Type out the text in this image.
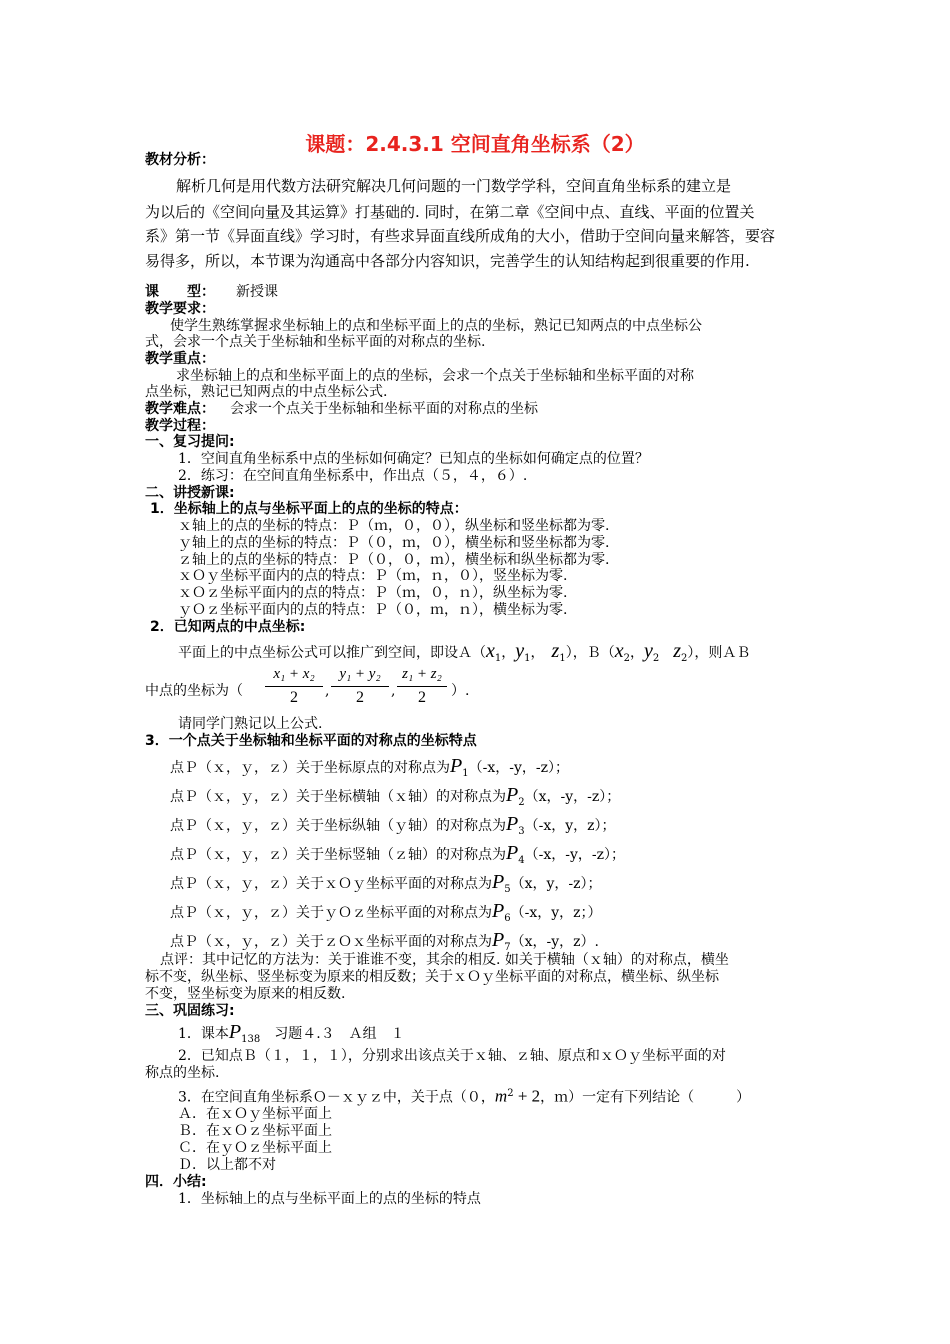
课题：2.4.3.1 空间直角坐标系（2）
教材分析：
解析几何是用代数方法研究解决几何问题的一门数学学科，空间直角坐标系的建立是
为以后的《空间向量及其运算》打基础的. 同时，在第二章《空间中点、直线、平面的位置关
系》第一节《异面直线》学习时，有些求异面直线所成角的大小，借助于空间向量来解答，要容
易得多，所以，本节课为沟通高中各部分内容知识，完善学生的认知结构起到很重要的作用.
课　　型： 新授课
教学要求：
使学生熟练掌握求坐标轴上的点和坐标平面上的点的坐标，熟记已知两点的中点坐标公
式，会求一个点关于坐标轴和坐标平面的对称点的坐标.
教学重点：
求坐标轴上的点和坐标平面上的点的坐标，会求一个点关于坐标轴和坐标平面的对称
点坐标，熟记已知两点的中点坐标公式.
教学难点： 会求一个点关于坐标轴和坐标平面的对称点的坐标
教学过程：
一、复习提问:
1．空间直角坐标系中点的坐标如何确定？已知点的坐标如何确定点的位置？
2．练习：在空间直角坐标系中，作出点（５，４，６）.
二、讲授新课:
1．坐标轴上的点与坐标平面上的点的坐标的特点：
ｘ轴上的点的坐标的特点：Ｐ（ｍ，０，０），纵坐标和竖坐标都为零.
ｙ轴上的点的坐标的特点：Ｐ（０，ｍ，０），横坐标和竖坐标都为零.
ｚ轴上的点的坐标的特点：Ｐ（０，０，ｍ），横坐标和纵坐标都为零.
ｘＯｙ坐标平面内的点的特点：Ｐ（ｍ，ｎ，０），竖坐标为零.
ｘＯｚ坐标平面内的点的特点：Ｐ（ｍ，０，ｎ），纵坐标为零.
ｙＯｚ坐标平面内的点的特点：Ｐ（０，ｍ，ｎ），横坐标为零.
2．已知两点的中点坐标:
平面上的中点坐标公式可以推广到空间，即设$A(x_1$，$y_1$，　 $z_1$），$B(x_2$，$y_2$　 $z_2$），则ＡＢ
中点的坐标为（
x₁ + x₂
2	,
y₁ + y₂
2	,
z₁ + z₂
2	）.
请同学门熟记以上公式.
3．一个点关于坐标轴和坐标平面的对称点的坐标特点
点Ｐ（ｘ，ｙ，ｚ）关于坐标原点的对称点为$P_1(-x$，-y，-z）；
点Ｐ（ｘ，ｙ，ｚ）关于坐标横轴（ｘ轴）的对称点为$P_2(x$，-y，-z）；
点Ｐ（ｘ，ｙ，ｚ）关于坐标纵轴（ｙ轴）的对称点为$P_3(-x$，y，z）；
点Ｐ（ｘ，ｙ，ｚ）关于坐标竖轴（ｚ轴）的对称点为$P_4(-x$，-y，-z）；
点Ｐ（ｘ，ｙ，ｚ）关于ｘＯｙ坐标平面的对称点为$P_5(x$，y，-z）；
点Ｐ（ｘ，ｙ，ｚ）关于ｙＯｚ坐标平面的对称点为$P_6(-x$，y，z；）
点Ｐ（ｘ，ｙ，ｚ）关于ｚＯｘ坐标平面的对称点为$P_7(x$，-y，z）.
点评：其中记忆的方法为：关于谁谁不变，其余的相反. 如关于横轴（ｘ轴）的对称点，横坐
标不变，纵坐标、竖坐标变为原来的相反数；关于ｘＯｙ坐标平面的对称点，横坐标、纵坐标
不变，竖坐标变为原来的相反数.
三、巩固练习:
1．课本$P_{138}$　 习题４.３　Ａ组　１
2．已知点Ｂ（１，１，１），分别求出该点关于ｘ轴、ｚ轴、原点和ｘＯｙ坐标平面的对
称点的坐标.
3．在空间直角坐标系Ｏ－ｘｙｚ中，关于点（０，$m^2 + 2$，ｍ）一定有下列结论（　　　）
Ａ．在ｘＯｙ坐标平面上
Ｂ．在ｘＯｚ坐标平面上
Ｃ．在ｙＯｚ坐标平面上
Ｄ．以上都不对
四．小结:
1．坐标轴上的点与坐标平面上的点的坐标的特点
